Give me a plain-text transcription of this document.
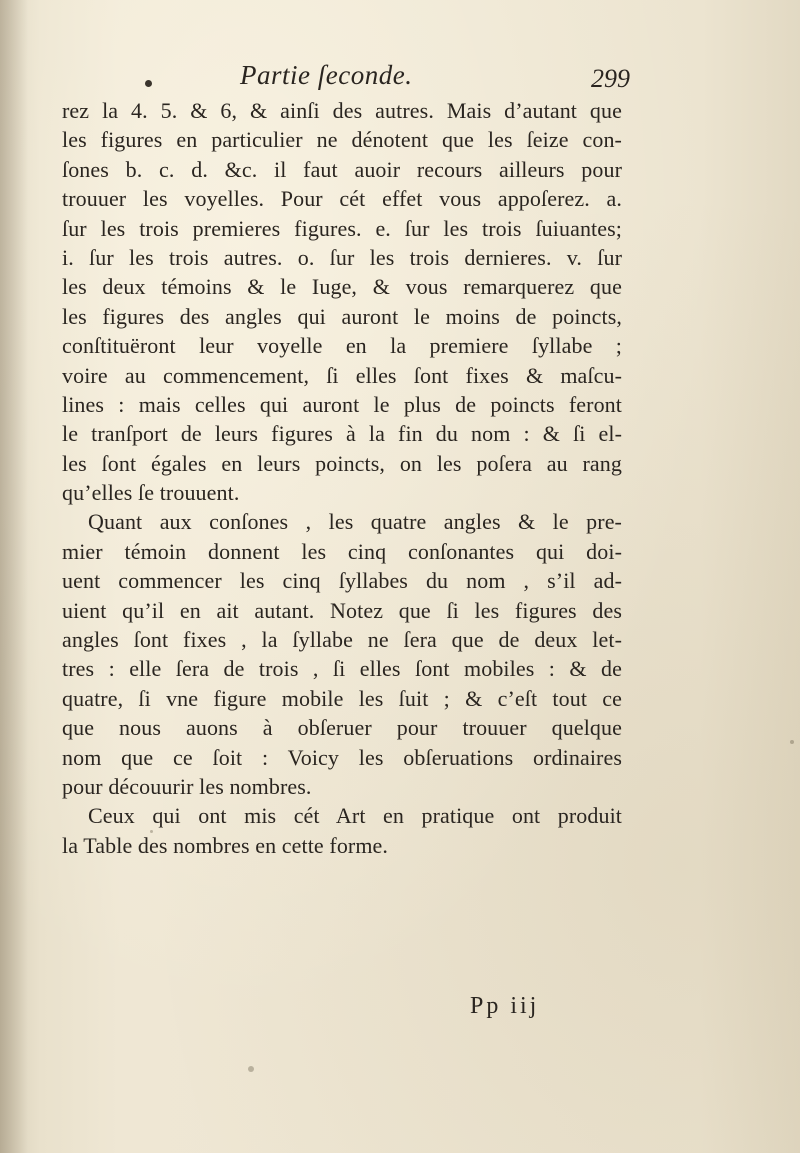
Partie ſeconde.	299
rez la 4. 5. & 6, & ainſi des autres. Mais d’autant que
les figures en particulier ne dénotent que les ſeize con-
ſones b. c. d. &c. il faut auoir recours ailleurs pour
trouuer les voyelles. Pour cét effet vous appoſerez. a.
ſur les trois premieres figures. e. ſur les trois ſuiuantes;
i. ſur les trois autres. o. ſur les trois dernieres. v. ſur
les deux témoins & le Iuge, & vous remarquerez que
les figures des angles qui auront le moins de poincts,
conſtituëront leur voyelle en la premiere ſyllabe ;
voire au commencement, ſi elles ſont fixes & maſcu-
lines : mais celles qui auront le plus de poincts feront
le tranſport de leurs figures à la fin du nom : & ſi el-
les ſont égales en leurs poincts, on les poſera au rang
qu’elles ſe trouuent.
Quant aux conſones , les quatre angles & le pre-
mier témoin donnent les cinq conſonantes qui doi-
uent commencer les cinq ſyllabes du nom , s’il ad-
uient qu’il en ait autant. Notez que ſi les figures des
angles ſont fixes , la ſyllabe ne ſera que de deux let-
tres : elle ſera de trois , ſi elles ſont mobiles : & de
quatre, ſi vne figure mobile les ſuit ; & c’eſt tout ce
que nous auons à obſeruer pour trouuer quelque
nom que ce ſoit : Voicy les obſeruations ordinaires
pour découurir les nombres.
Ceux qui ont mis cét Art en pratique ont produit
la Table des nombres en cette forme.
Pp iij
